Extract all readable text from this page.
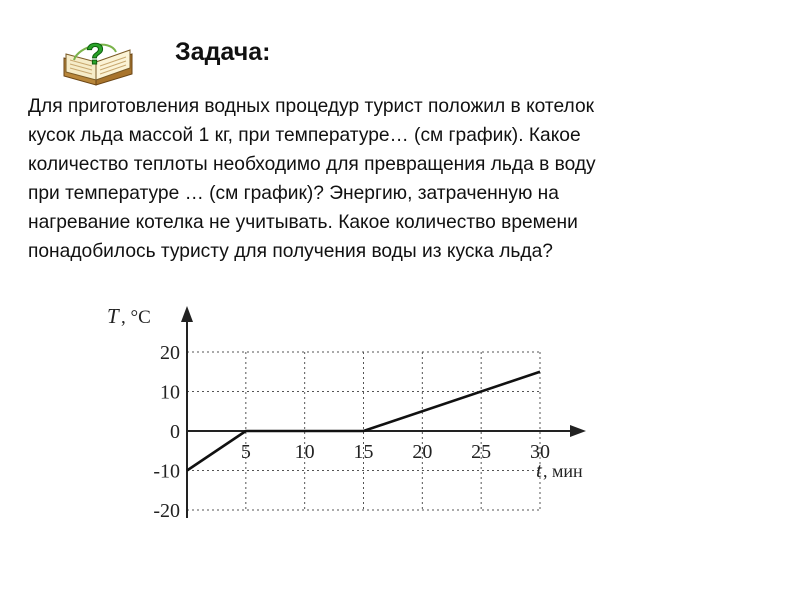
?	Задача:
Для приготовления водных процедур турист положил в котелок
кусок льда массой 1 кг, при температуре… (см график). Какое
количество теплоты необходимо для превращения льда в воду
при температуре … (см график)? Энергию, затраченную на
нагревание котелка не учитывать. Какое количество времени
понадобилось туристу для получения воды из куска льда?
5 10 15 20 25 30
20
10
0
-10
-20
T , °C
t , мин
